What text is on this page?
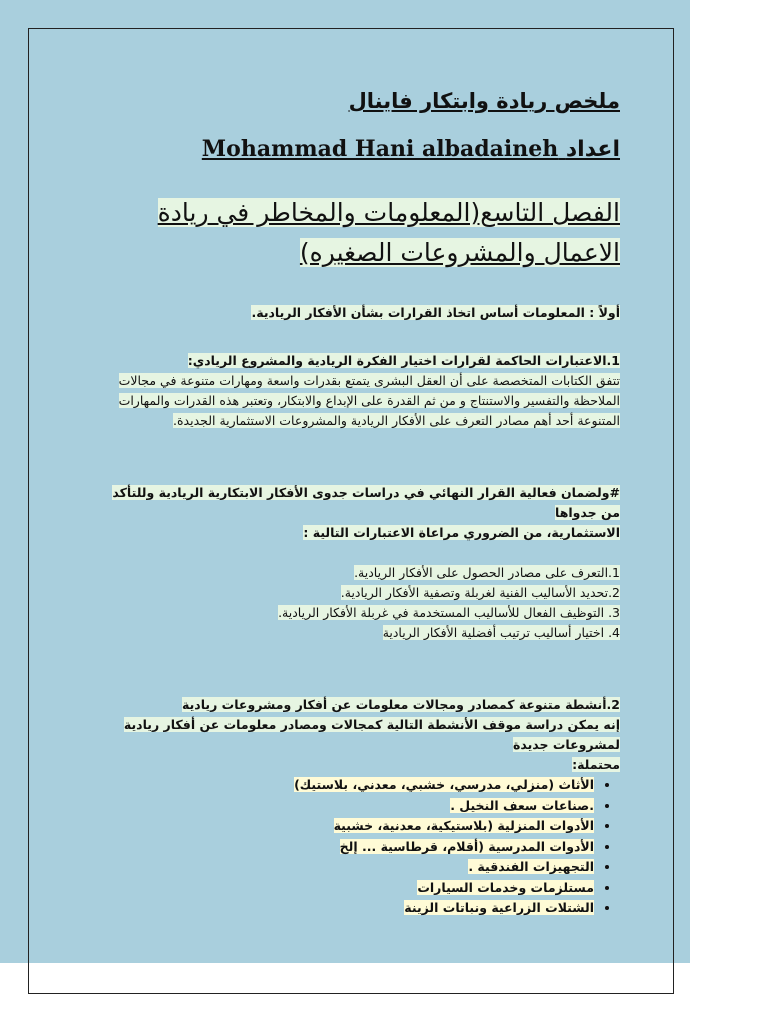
ملخص ريادة وابتكار فاينال
اعداد Mohammad Hani albadaineh
الفصل التاسع(المعلومات والمخاطر في ريادة
الاعمال والمشروعات الصغيره)

أولاً : المعلومات أساس اتخاذ القرارات بشأن الأفكار الريادية.

1.الاعتبارات الحاكمة لقرارات اختيار الفكرة الريادية والمشروع الريادي:

تتفق الكتابات المتخصصة على أن العقل البشرى يتمتع بقدرات واسعة ومهارات متنوعة في مجالات

الملاحظة والتفسير والاستنتاج و من ثم القدرة على الإبداع والابتكار، وتعتبر هذه القدرات والمهارات

المتنوعة أحد أهم مصادر التعرف على الأفكار الريادية والمشروعات الاستثمارية الجديدة.

#ولضمان فعالية القرار النهائي في دراسات جدوى الأفكار الابتكارية الريادية وللتأكد من جدواها

الاستثمارية، من الضروري مراعاة الاعتبارات التالية :

1.التعرف على مصادر الحصول على الأفكار الريادية.
2.تحديد الأساليب الفنية لغربلة وتصفية الأفكار الريادية.
3. التوظيف الفعال للأساليب المستخدمة في غربلة الأفكار الريادية.
4. اختيار أساليب ترتيب أفضلية الأفكار الريادية

2.أنشطة متنوعة كمصادر ومجالات معلومات عن أفكار ومشروعات ريادية

إنه يمكن دراسة موقف الأنشطة التالية كمجالات ومصادر معلومات عن أفكار ريادية لمشروعات جديدة

محتملة:

• الأثاث (منزلي، مدرسي، خشبي، معدني، بلاستيك)
• .صناعات سعف النخيل .
• الأدوات المنزلية (بلاستيكية، معدنية، خشبية
• الأدوات المدرسية (أقلام، قرطاسية ... إلخ
• التجهيزات الفندقية .
• مستلزمات وخدمات السيارات
• الشتلات الزراعية ونباتات الزينة
